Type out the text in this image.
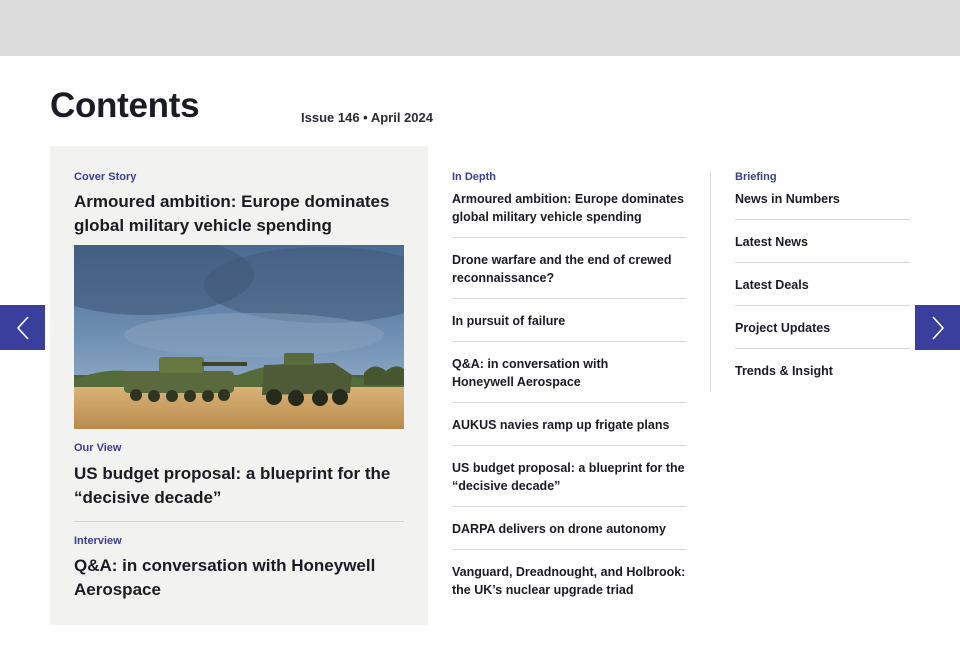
Contents	Issue 146 • April 2024
Cover Story
Armoured ambition: Europe dominates global military vehicle spending
Our View
US budget proposal: a blueprint for the “decisive decade”
Interview
Q&A: in conversation with Honeywell Aerospace
In Depth
Armoured ambition: Europe dominates global military vehicle spending
Drone warfare and the end of crewed reconnaissance?
In pursuit of failure
Q&A: in conversation with Honeywell Aerospace
AUKUS navies ramp up frigate plans
US budget proposal: a blueprint for the “decisive decade”
DARPA delivers on drone autonomy
Vanguard, Dreadnought, and Holbrook: the UK’s nuclear upgrade triad
Briefing
News in Numbers
Latest News
Latest Deals
Project Updates
Trends & Insight
